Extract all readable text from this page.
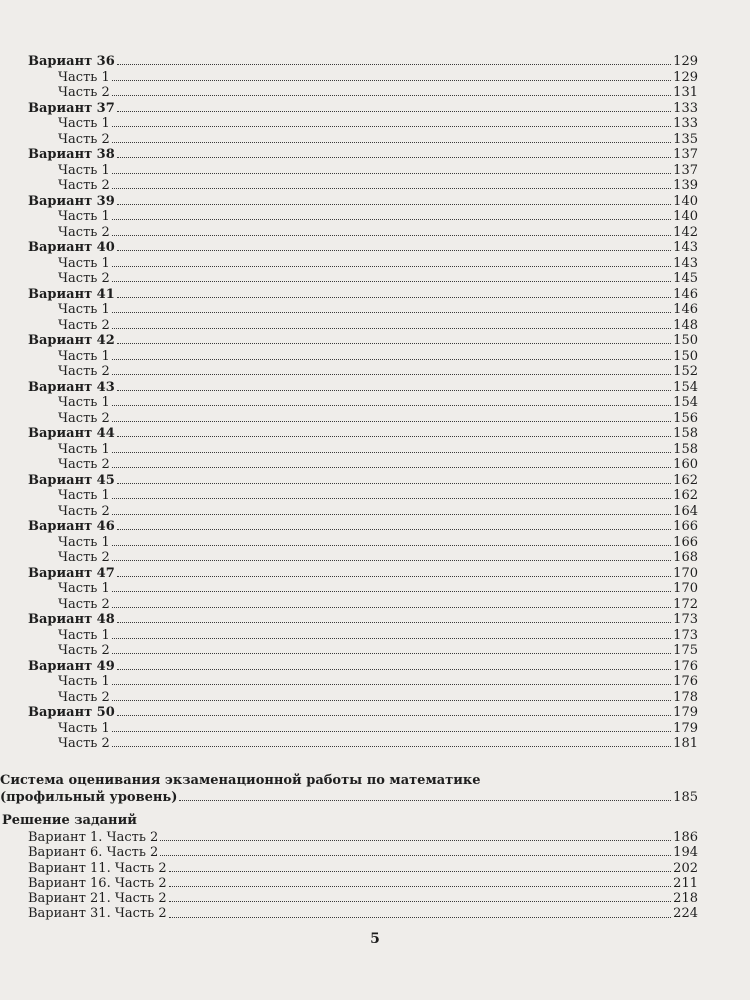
Вариант 36	129
Часть 1	129
Часть 2	131
Вариант 37	133
Часть 1	133
Часть 2	135
Вариант 38	137
Часть 1	137
Часть 2	139
Вариант 39	140
Часть 1	140
Часть 2	142
Вариант 40	143
Часть 1	143
Часть 2	145
Вариант 41	146
Часть 1	146
Часть 2	148
Вариант 42	150
Часть 1	150
Часть 2	152
Вариант 43	154
Часть 1	154
Часть 2	156
Вариант 44	158
Часть 1	158
Часть 2	160
Вариант 45	162
Часть 1	162
Часть 2	164
Вариант 46	166
Часть 1	166
Часть 2	168
Вариант 47	170
Часть 1	170
Часть 2	172
Вариант 48	173
Часть 1	173
Часть 2	175
Вариант 49	176
Часть 1	176
Часть 2	178
Вариант 50	179
Часть 1	179
Часть 2	181
Система оценивания экзаменационной работы по математике
(профильный уровень)	185
Решение заданий
Вариант 1. Часть 2	186
Вариант 6. Часть 2	194
Вариант 11. Часть 2	202
Вариант 16. Часть 2	211
Вариант 21. Часть 2	218
Вариант 31. Часть 2	224
5
